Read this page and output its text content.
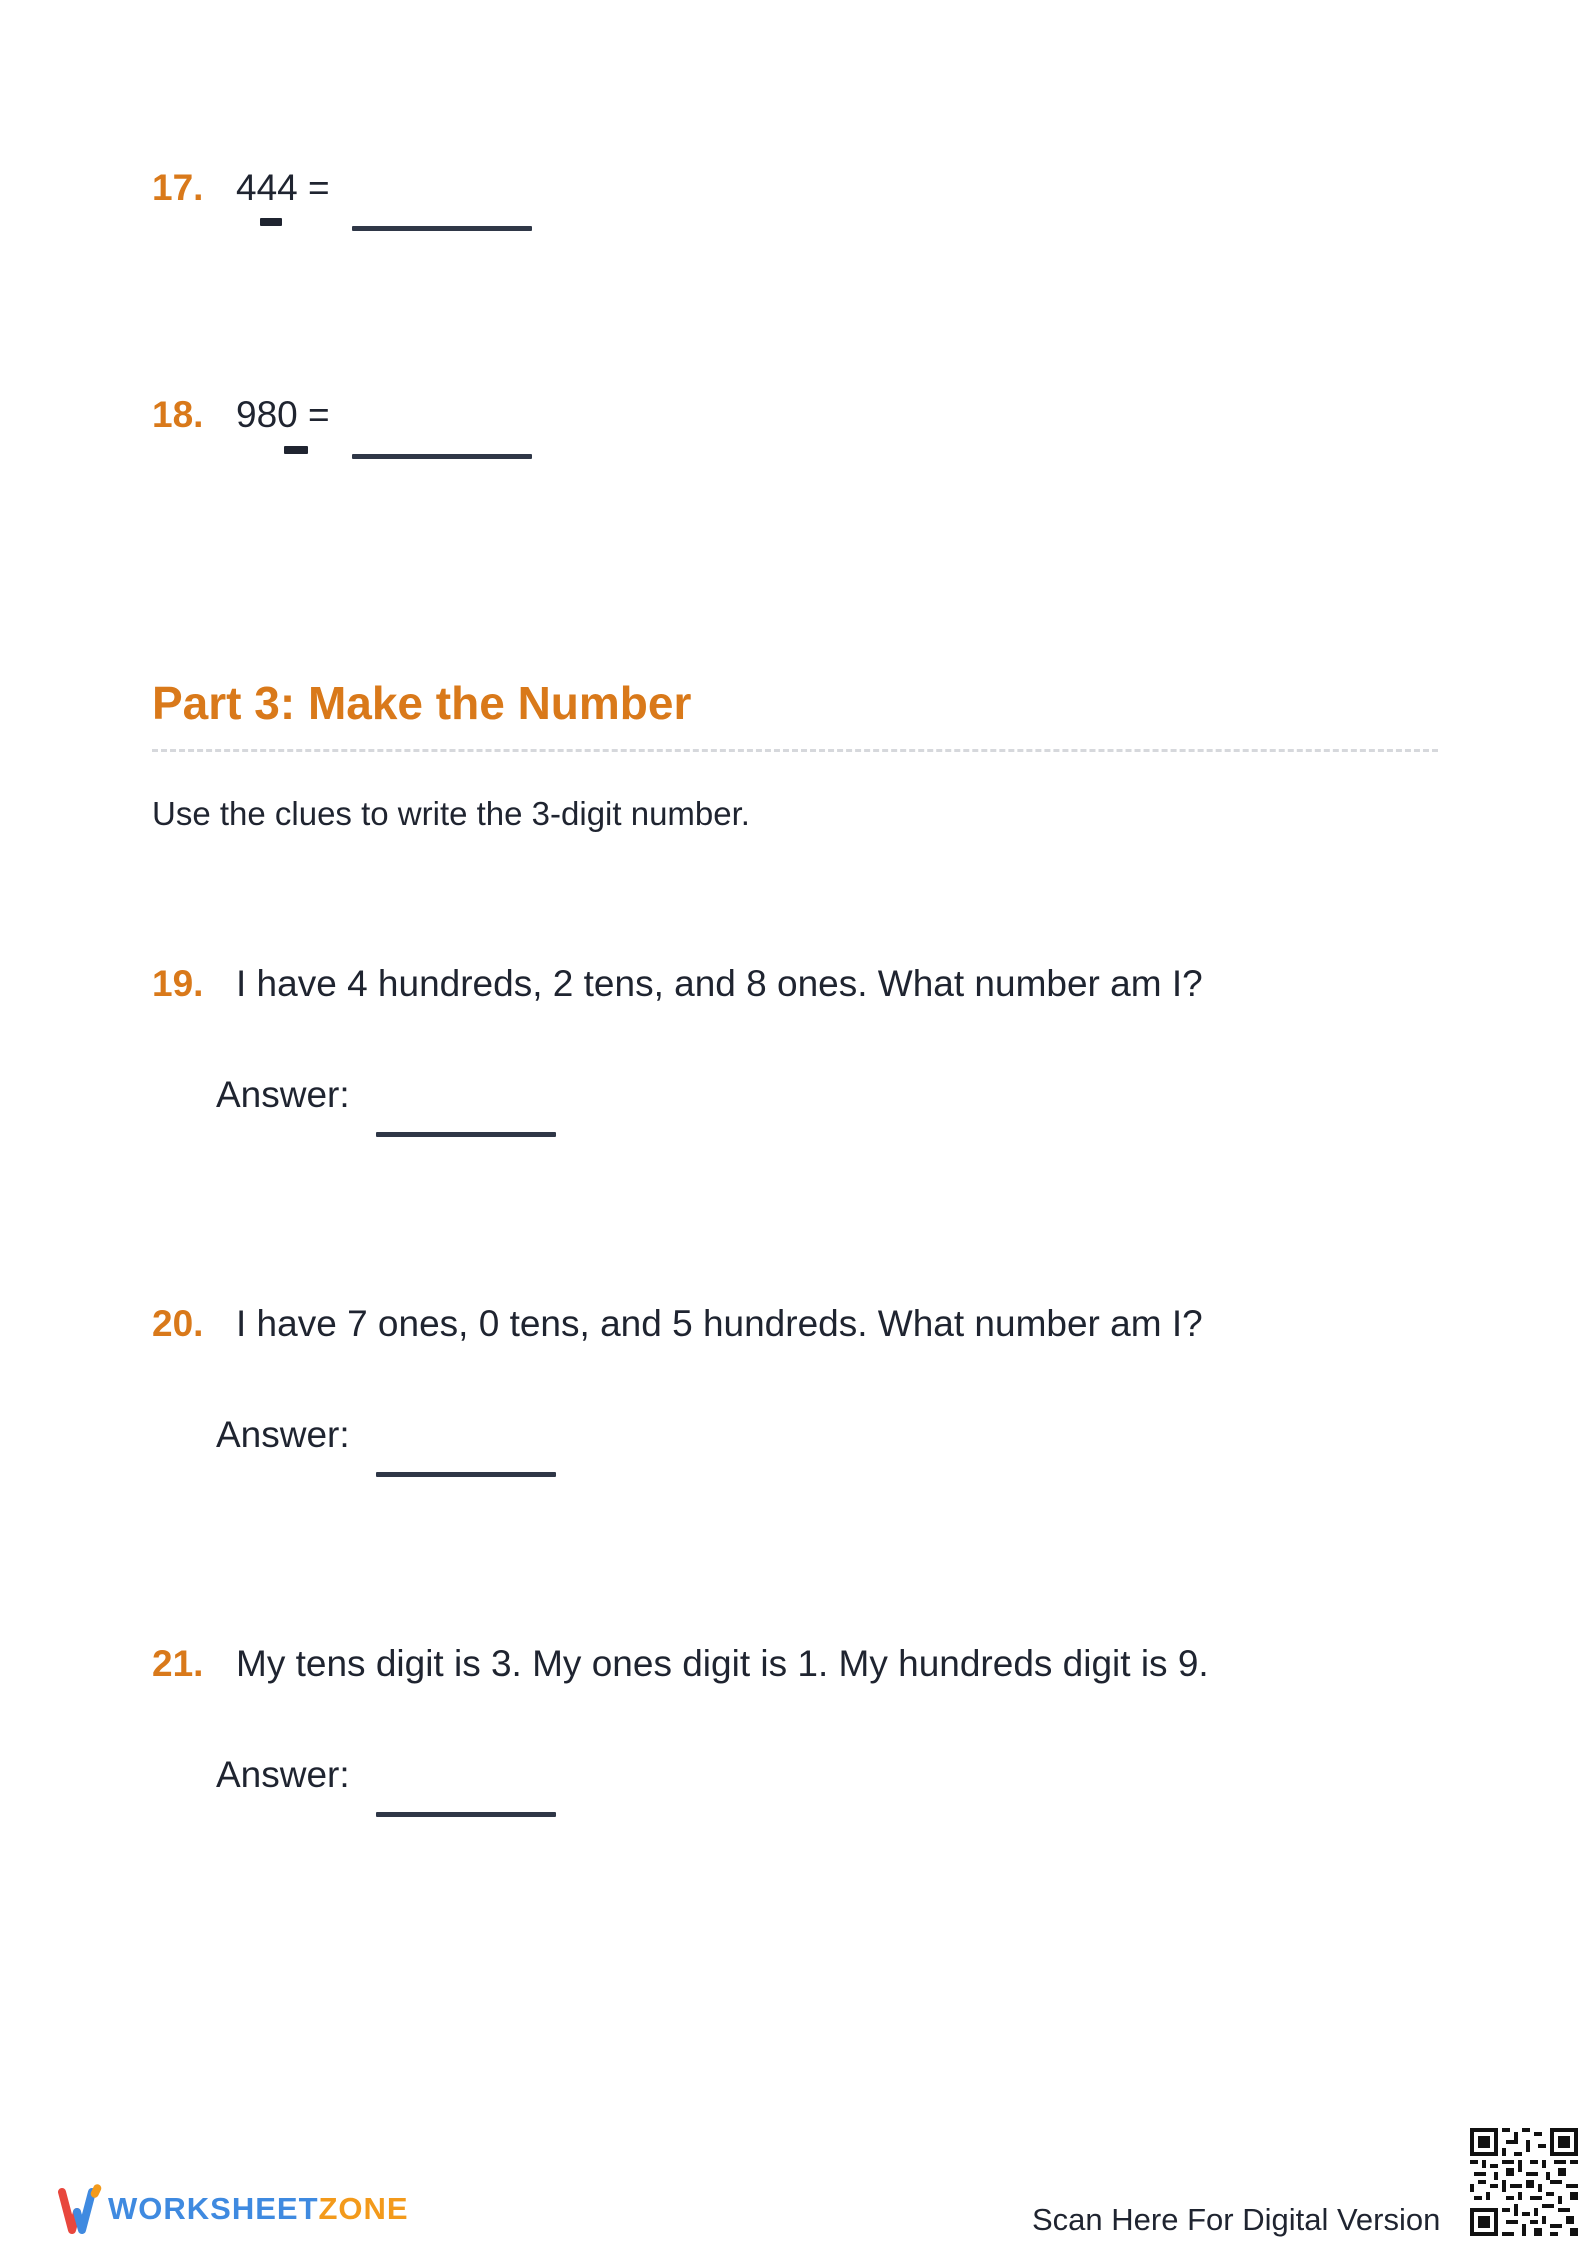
17. 444 =
18. 980 =
Part 3: Make the Number
Use the clues to write the 3-digit number.
19. I have 4 hundreds, 2 tens, and 8 ones. What number am I?
Answer:
20. I have 7 ones, 0 tens, and 5 hundreds. What number am I?
Answer:
21. My tens digit is 3. My ones digit is 1. My hundreds digit is 9.
Answer:
WORKSHEETZONE	Scan Here For Digital Version
